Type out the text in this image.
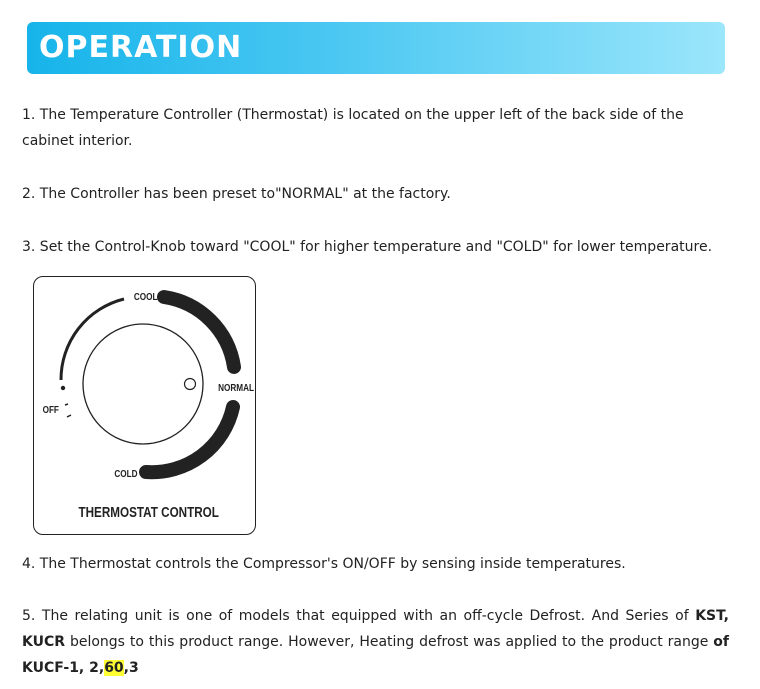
OPERATION

1. The Temperature Controller (Thermostat) is located on the upper left of the back side of the cabinet interior.

2. The Controller has been preset to"NORMAL" at the factory.

3. Set the Control-Knob toward "COOL" for higher temperature and "COLD" for lower temperature.

COOL
NORMAL
OFF
COLD
THERMOSTAT CONTROL

4. The Thermostat controls the Compressor's ON/OFF by sensing inside temperatures.

5. The relating unit is one of models that equipped with an off-cycle Defrost. And Series of KST, KUCR belongs to this product range. However, Heating defrost was applied to the product range of KUCF-1, 2,60,3
